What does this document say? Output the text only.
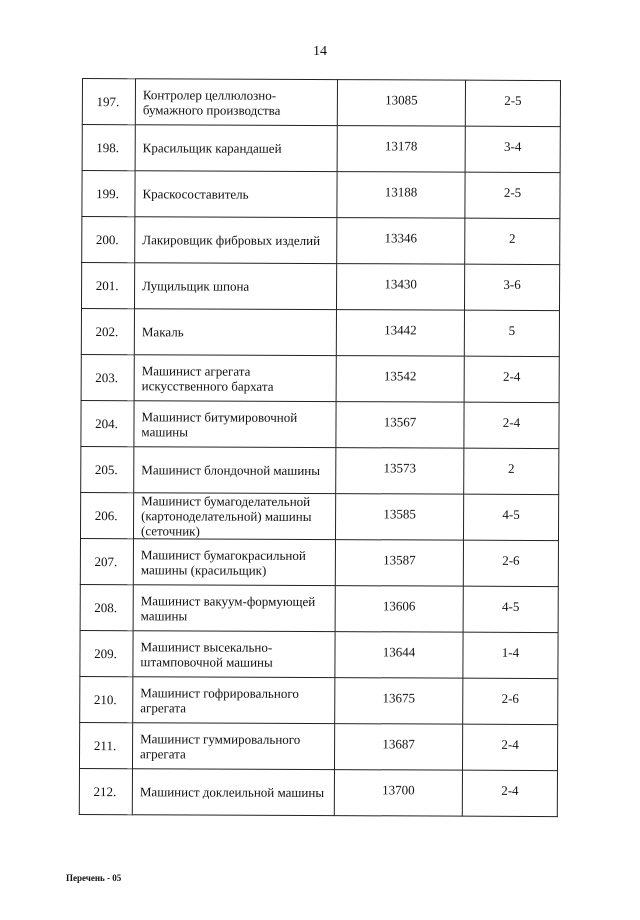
14
197.	Контролер целлюлозно-бумажного производства	13085	2-5
198.	Красильщик карандашей	13178	3-4
199.	Краскосоставитель	13188	2-5
200.	Лакировщик фибровых изделий	13346	2
201.	Лущильщик шпона	13430	3-6
202.	Макаль	13442	5
203.	Машинист агрегата искусственного бархата	13542	2-4
204.	Машинист битумировочной машины	13567	2-4
205.	Машинист блондочной машины	13573	2
206.	Машинист бумагоделательной (картоноделательной) машины (сеточник)	13585	4-5
207.	Машинист бумагокрасильной машины (красильщик)	13587	2-6
208.	Машинист вакуум-формующей машины	13606	4-5
209.	Машинист высекально-штамповочной машины	13644	1-4
210.	Машинист гофрировального агрегата	13675	2-6
211.	Машинист гуммировального агрегата	13687	2-4
212.	Машинист доклеильной машины	13700	2-4
Перечень - 05
